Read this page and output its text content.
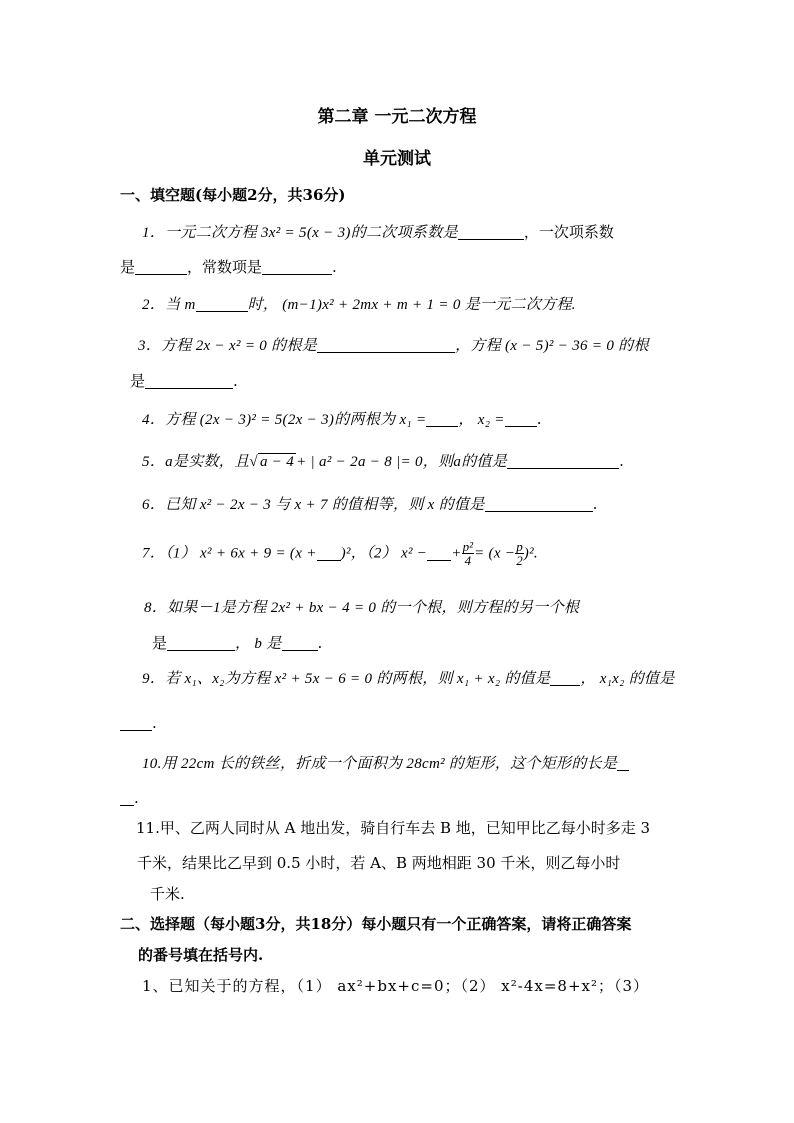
第二章 一元二次方程
单元测试
一、填空题(每小题2分，共36分)
1．一元二次方程 3x² = 5(x − 3)的二次项系数是	，一次项系数
是	，常数项是	.
2．当 m	时， (m−1)x² + 2mx + m + 1 = 0 是一元二次方程.
3．方程 2x − x² = 0 的根是	，方程 (x − 5)² − 36 = 0 的根
是	.
4．方程 (2x − 3)² = 5(2x − 3)的两根为 x₁ = ， x₂ = .
5．a是实数，且√ a − 4 + | a² − 2a − 8 |= 0，则a的值是	.
6．已知 x² − 2x − 3 与 x + 7 的值相等，则 x 的值是	.
7．（1） x² + 6x + 9 = (x + )²，（2） x² − + $\frac{\text{p²}}{4} = (x - \frac{p}{2} )^2$.
8．如果－1是方程 2x² + bx − 4 = 0 的一个根，则方程的另一个根
是	， b 是 .
9．若 x₁、x₂为方程 x² + 5x − 6 = 0 的两根，则 x₁ + x₂ 的值是 ， x₁x₂ 的值是
.
10.用 22cm 长的铁丝，折成一个面积为 28cm² 的矩形，这个矩形的长是
.
11.甲、乙两人同时从 A 地出发，骑自行车去 B 地，已知甲比乙每小时多走 3
千米，结果比乙早到 0.5 小时，若 A、B 两地相距 30 千米，则乙每小时
千米.
二、选择题（每小题3分，共18分）每小题只有一个正确答案，请将正确答案
的番号填在括号内.
1、已知关于的方程，（1） ax²+bx+c=0；（2） x²-4x=8+x²；（3）
